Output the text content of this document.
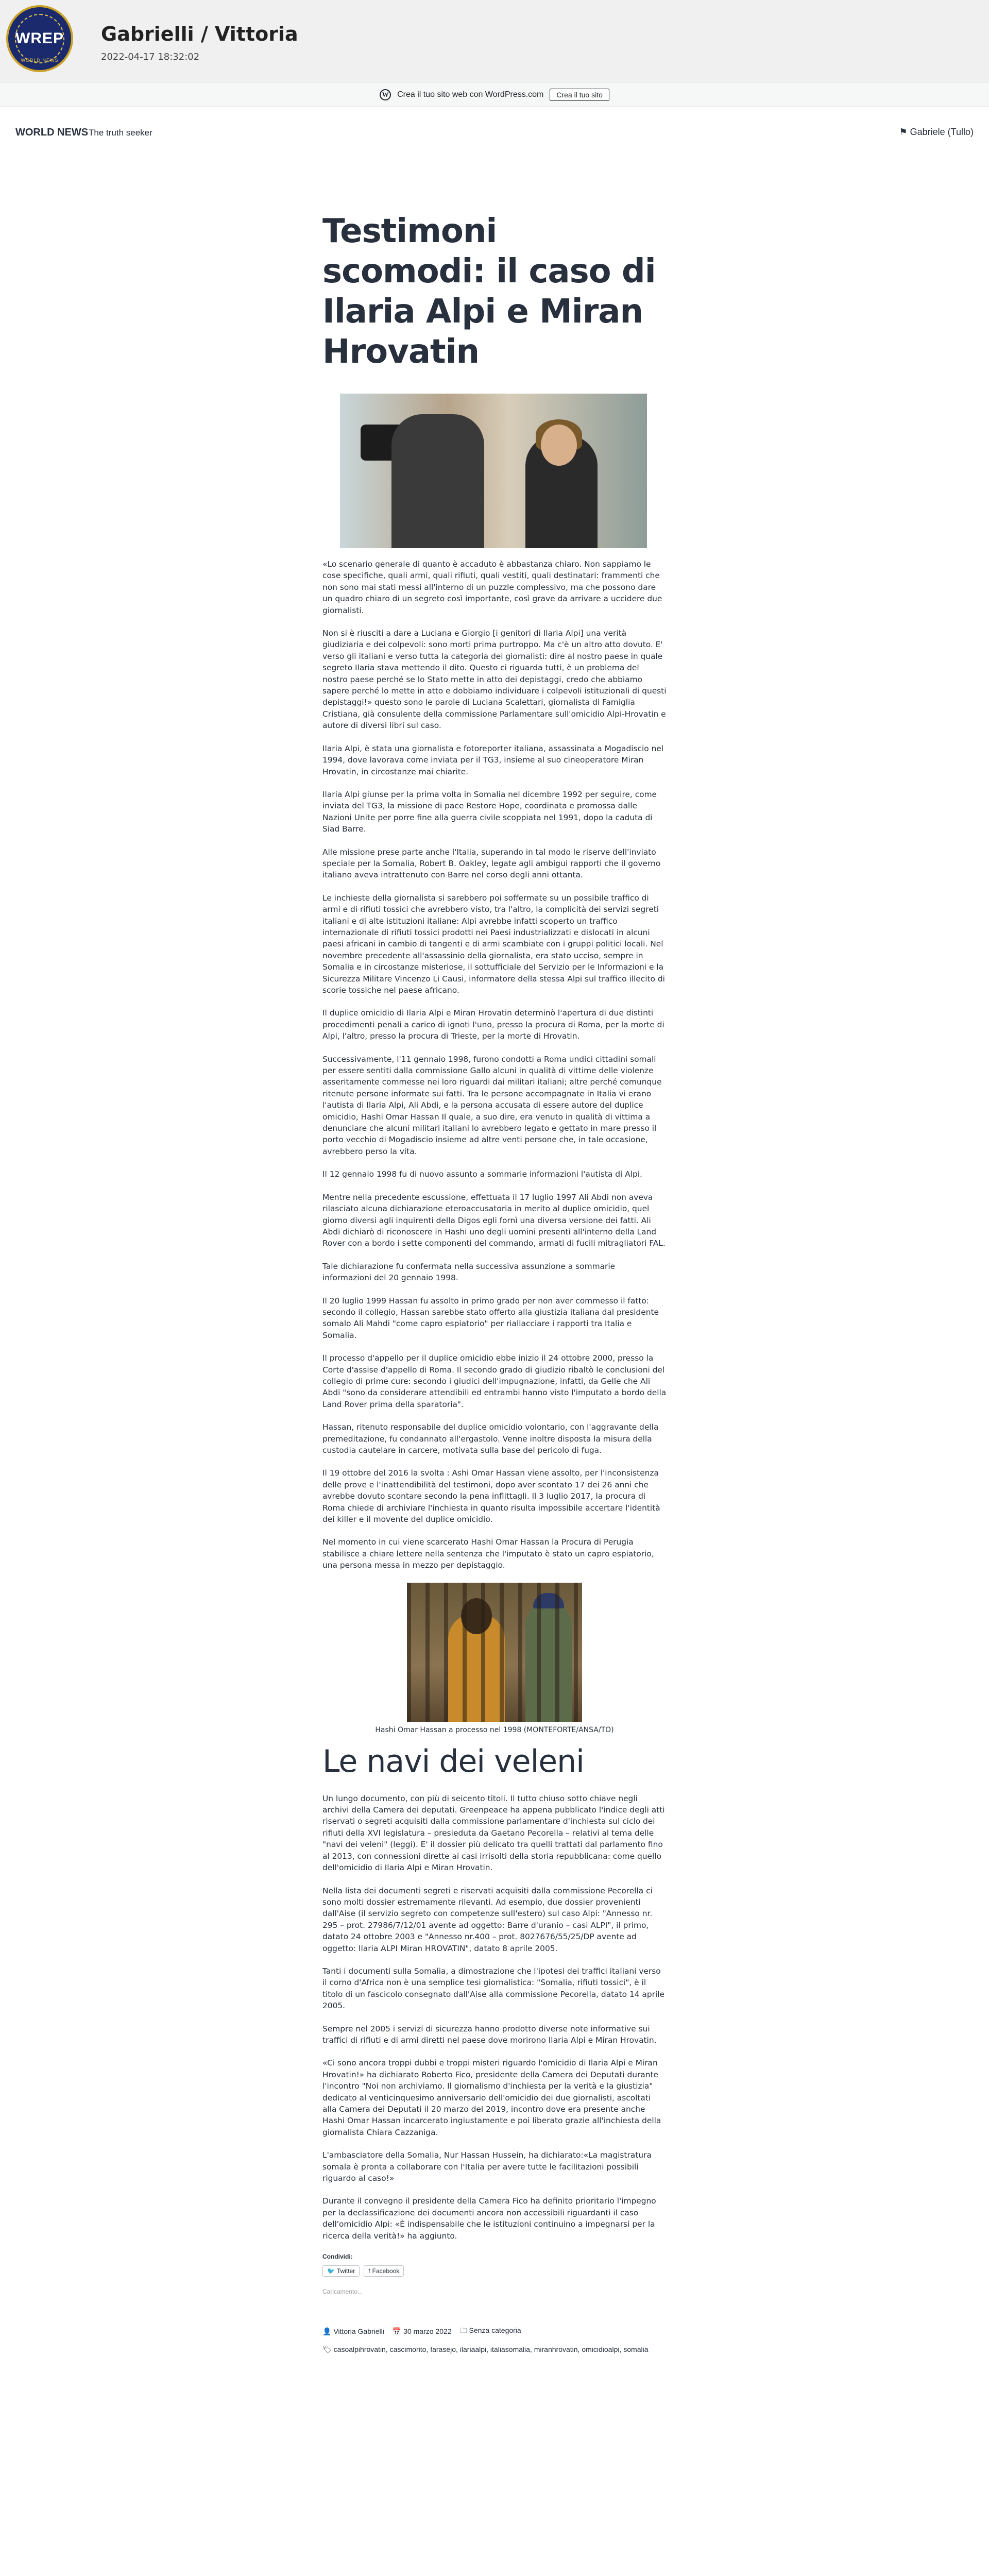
WREP
WORLD NEWS
Gabrielli / Vittoria
2022-04-17 18:32:02
W Crea il tuo sito web con WordPress.com	Crea il tuo sito
WORLD NEWS The truth seeker	⚑ Gabriele (Tullo)
Testimoni scomodi: il caso di Ilaria Alpi e Miran Hrovatin

«Lo scenario generale di quanto è accaduto è abbastanza chiaro. Non sappiamo le cose specifiche, quali armi, quali rifiuti, quali vestiti, quali destinatari: frammenti che non sono mai stati messi all'interno di un puzzle complessivo, ma che possono dare un quadro chiaro di un segreto così importante, così grave da arrivare a uccidere due giornalisti.

Non si è riusciti a dare a Luciana e Giorgio [i genitori di Ilaria Alpi] una verità giudiziaria e dei colpevoli: sono morti prima purtroppo. Ma c'è un altro atto dovuto. E' verso gli italiani e verso tutta la categoria dei giornalisti: dire al nostro paese in quale segreto Ilaria stava mettendo il dito. Questo ci riguarda tutti, è un problema del nostro paese perché se lo Stato mette in atto dei depistaggi, credo che abbiamo sapere perché lo mette in atto e dobbiamo individuare i colpevoli istituzionali di questi depistaggi!» questo sono le parole di Luciana Scalettari, giornalista di Famiglia Cristiana, già consulente della commissione Parlamentare sull'omicidio Alpi-Hrovatin e autore di diversi libri sul caso.

Ilaria Alpi, è stata una giornalista e fotoreporter italiana, assassinata a Mogadiscio nel 1994, dove lavorava come inviata per il TG3, insieme al suo cineoperatore Miran Hrovatin, in circostanze mai chiarite.

Ilaria Alpi giunse per la prima volta in Somalia nel dicembre 1992 per seguire, come inviata del TG3, la missione di pace Restore Hope, coordinata e promossa dalle Nazioni Unite per porre fine alla guerra civile scoppiata nel 1991, dopo la caduta di Siad Barre.

Alle missione prese parte anche l'Italia, superando in tal modo le riserve dell'inviato speciale per la Somalia, Robert B. Oakley, legate agli ambigui rapporti che il governo italiano aveva intrattenuto con Barre nel corso degli anni ottanta.

Le inchieste della giornalista si sarebbero poi soffermate su un possibile traffico di armi e di rifiuti tossici che avrebbero visto, tra l'altro, la complicità dei servizi segreti italiani e di alte istituzioni italiane: Alpi avrebbe infatti scoperto un traffico internazionale di rifiuti tossici prodotti nei Paesi industrializzati e dislocati in alcuni paesi africani in cambio di tangenti e di armi scambiate con i gruppi politici locali. Nel novembre precedente all'assassinio della giornalista, era stato ucciso, sempre in Somalia e in circostanze misteriose, il sottufficiale del Servizio per le Informazioni e la Sicurezza Militare Vincenzo Li Causi, informatore della stessa Alpi sul traffico illecito di scorie tossiche nel paese africano.

Il duplice omicidio di Ilaria Alpi e Miran Hrovatin determinò l'apertura di due distinti procedimenti penali a carico di ignoti l'uno, presso la procura di Roma, per la morte di Alpi, l'altro, presso la procura di Trieste, per la morte di Hrovatin.

Successivamente, l'11 gennaio 1998, furono condotti a Roma undici cittadini somali per essere sentiti dalla commissione Gallo alcuni in qualità di vittime delle violenze asseritamente commesse nei loro riguardi dai militari italiani; altre perché comunque ritenute persone informate sui fatti. Tra le persone accompagnate in Italia vi erano l'autista di Ilaria Alpi, Ali Abdi, e la persona accusata di essere autore del duplice omicidio, Hashi Omar Hassan Il quale, a suo dire, era venuto in qualità di vittima a denunciare che alcuni militari italiani lo avrebbero legato e gettato in mare presso il porto vecchio di Mogadiscio insieme ad altre venti persone che, in tale occasione, avrebbero perso la vita.

Il 12 gennaio 1998 fu di nuovo assunto a sommarie informazioni l'autista di Alpi.

Mentre nella precedente escussione, effettuata il 17 luglio 1997 Ali Abdi non aveva rilasciato alcuna dichiarazione eteroaccusatoria in merito al duplice omicidio, quel giorno diversi agli inquirenti della Digos egli fornì una diversa versione dei fatti. Ali Abdi dichiarò di riconoscere in Hashi uno degli uomini presenti all'interno della Land Rover con a bordo i sette componenti del commando, armati di fucili mitragliatori FAL.

Tale dichiarazione fu confermata nella successiva assunzione a sommarie informazioni del 20 gennaio 1998.

Il 20 luglio 1999 Hassan fu assolto in primo grado per non aver commesso il fatto: secondo il collegio, Hassan sarebbe stato offerto alla giustizia italiana dal presidente somalo Ali Mahdi "come capro espiatorio" per riallacciare i rapporti tra Italia e Somalia.

Il processo d'appello per il duplice omicidio ebbe inizio il 24 ottobre 2000, presso la Corte d'assise d'appello di Roma. Il secondo grado di giudizio ribaltò le conclusioni del collegio di prime cure: secondo i giudici dell'impugnazione, infatti, da Gelle che Ali Abdi "sono da considerare attendibili ed entrambi hanno visto l'imputato a bordo della Land Rover prima della sparatoria".

Hassan, ritenuto responsabile del duplice omicidio volontario, con l'aggravante della premeditazione, fu condannato all'ergastolo. Venne inoltre disposta la misura della custodia cautelare in carcere, motivata sulla base del pericolo di fuga.

Il 19 ottobre del 2016 la svolta : Ashi Omar Hassan viene assolto, per l'inconsistenza delle prove e l'inattendibilità del testimoni, dopo aver scontato 17 dei 26 anni che avrebbe dovuto scontare secondo la pena inflittagli. Il 3 luglio 2017, la procura di Roma chiede di archiviare l'inchiesta in quanto risulta impossibile accertare l'identità dei killer e il movente del duplice omicidio.

Nel momento in cui viene scarcerato Hashi Omar Hassan la Procura di Perugia stabilisce a chiare lettere nella sentenza che l'imputato è stato un capro espiatorio, una persona messa in mezzo per depistaggio.

Hashi Omar Hassan a processo nel 1998 (MONTEFORTE/ANSA/TO)
Le navi dei veleni

Un lungo documento, con più di seicento titoli. Il tutto chiuso sotto chiave negli archivi della Camera dei deputati. Greenpeace ha appena pubblicato l'indice degli atti riservati o segreti acquisiti dalla commissione parlamentare d'inchiesta sul ciclo dei rifiuti della XVI legislatura – presieduta da Gaetano Pecorella – relativi al tema delle "navi dei veleni" (leggi). E' il dossier più delicato tra quelli trattati dal parlamento fino al 2013, con connessioni dirette ai casi irrisolti della storia repubblicana: come quello dell'omicidio di Ilaria Alpi e Miran Hrovatin.

Nella lista dei documenti segreti e riservati acquisiti dalla commissione Pecorella ci sono molti dossier estremamente rilevanti. Ad esempio, due dossier provenienti dall'Aise (il servizio segreto con competenze sull'estero) sul caso Alpi: "Annesso nr. 295 – prot. 27986/7/12/01 avente ad oggetto: Barre d'uranio – casi ALPI", il primo, datato 24 ottobre 2003 e "Annesso nr.400 – prot. 8027676/55/25/DP avente ad oggetto: Ilaria ALPI Miran HROVATIN", datato 8 aprile 2005.

Tanti i documenti sulla Somalia, a dimostrazione che l'ipotesi dei traffici italiani verso il corno d'Africa non è una semplice tesi giornalistica: "Somalia, rifiuti tossici", è il titolo di un fascicolo consegnato dall'Aise alla commissione Pecorella, datato 14 aprile 2005.

Sempre nel 2005 i servizi di sicurezza hanno prodotto diverse note informative sui traffici di rifiuti e di armi diretti nel paese dove morirono Ilaria Alpi e Miran Hrovatin.

«Ci sono ancora troppi dubbi e troppi misteri riguardo l'omicidio di Ilaria Alpi e Miran Hrovatin!» ha dichiarato Roberto Fico, presidente della Camera dei Deputati durante l'incontro "Noi non archiviamo. Il giornalismo d'inchiesta per la verità e la giustizia" dedicato al venticinquesimo anniversario dell'omicidio dei due giornalisti, ascoltati alla Camera dei Deputati il 20 marzo del 2019, incontro dove era presente anche Hashi Omar Hassan incarcerato ingiustamente e poi liberato grazie all'inchiesta della giornalista Chiara Cazzaniga.

L'ambasciatore della Somalia, Nur Hassan Hussein, ha dichiarato:«La magistratura somala è pronta a collaborare con l'Italia per avere tutte le facilitazioni possibili riguardo al caso!»

Durante il convegno il presidente della Camera Fico ha definito prioritario l'impegno per la declassificazione dei documenti ancora non accessibili riguardanti il caso dell'omicidio Alpi: «È indispensabile che le istituzioni continuino a impegnarsi per la ricerca della verità!» ha aggiunto.

Condividi:
🐦 Twitter f Facebook
Caricamento...
👤 Vittoria Gabrielli 📅 30 marzo 2022 🗀 Senza categoria
🏷 casoalpihrovatin, cascimorito, farasejo, ilariaalpi, italiasomalia, miranhrovatin, omicidioalpi, somalia
